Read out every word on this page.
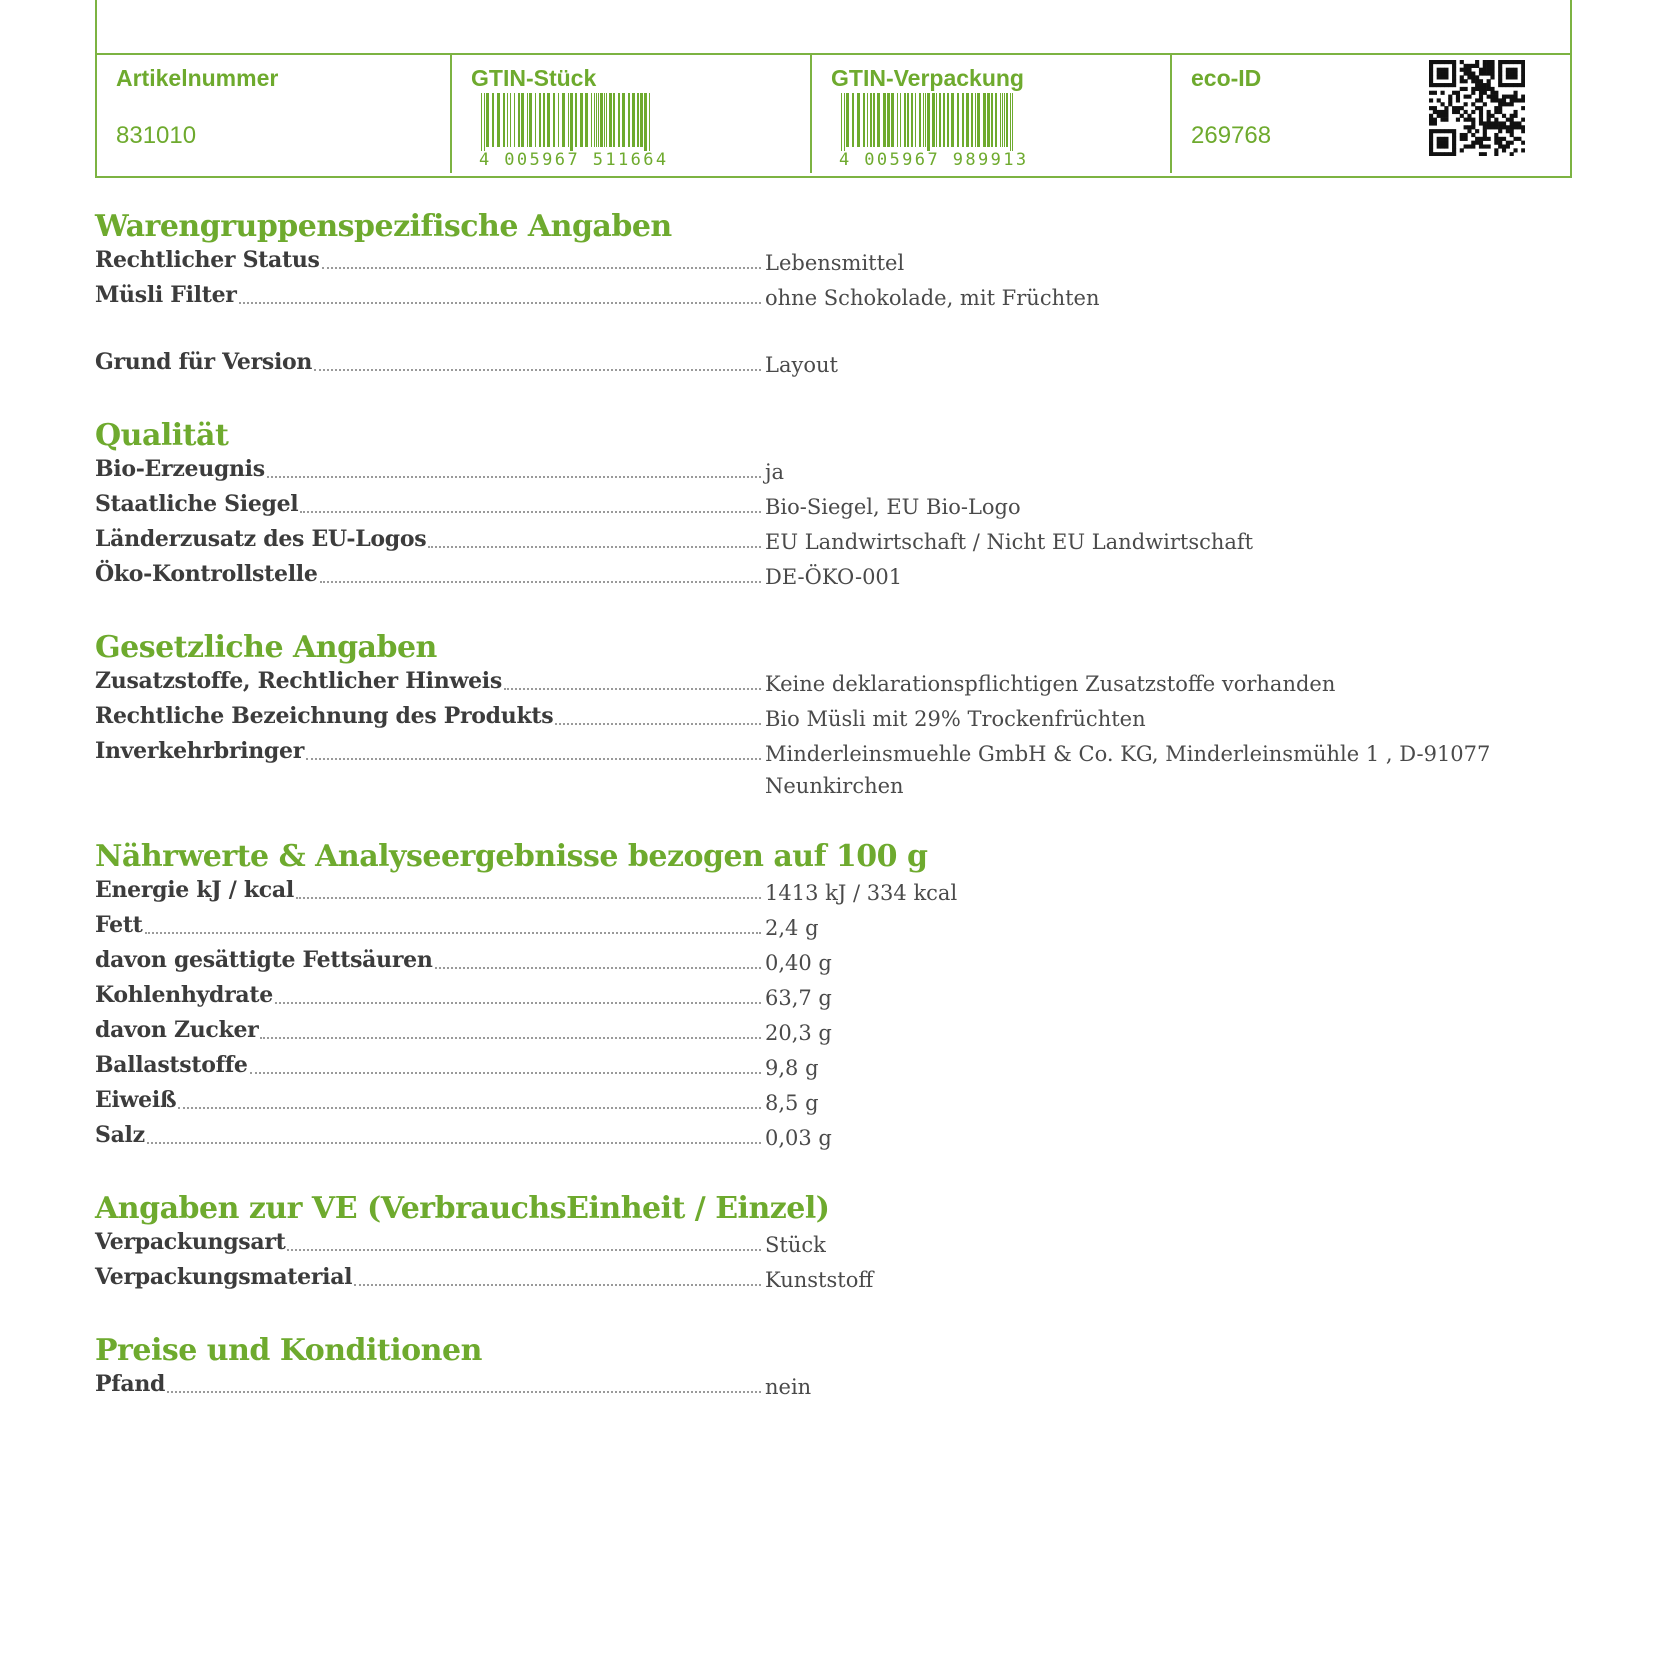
Artikelnummer
831010
GTIN-Stück
4 005967 511664
GTIN-Verpackung
4 005967 989913
eco-ID
269768
Warengruppenspezifische Angaben
Rechtlicher Status	Lebensmittel
Müsli Filter	ohne Schokolade, mit Früchten
Grund für Version	Layout
Qualität
Bio-Erzeugnis	ja
Staatliche Siegel	Bio-Siegel, EU Bio-Logo
Länderzusatz des EU-Logos	EU Landwirtschaft / Nicht EU Landwirtschaft
Öko-Kontrollstelle	DE-ÖKO-001
Gesetzliche Angaben
Zusatzstoffe, Rechtlicher Hinweis	Keine deklarationspflichtigen Zusatzstoffe vorhanden
Rechtliche Bezeichnung des Produkts	Bio Müsli mit 29% Trockenfrüchten
Inverkehrbringer	Minderleinsmuehle GmbH & Co. KG, Minderleinsmühle 1 , D-91077 Neunkirchen
Nährwerte & Analyseergebnisse bezogen auf 100 g
Energie kJ / kcal	1413 kJ / 334 kcal
Fett	2,4 g
davon gesättigte Fettsäuren	0,40 g
Kohlenhydrate	63,7 g
davon Zucker	20,3 g
Ballaststoffe	9,8 g
Eiweiß	8,5 g
Salz	0,03 g
Angaben zur VE (VerbrauchsEinheit / Einzel)
Verpackungsart	Stück
Verpackungsmaterial	Kunststoff
Preise und Konditionen
Pfand	nein
